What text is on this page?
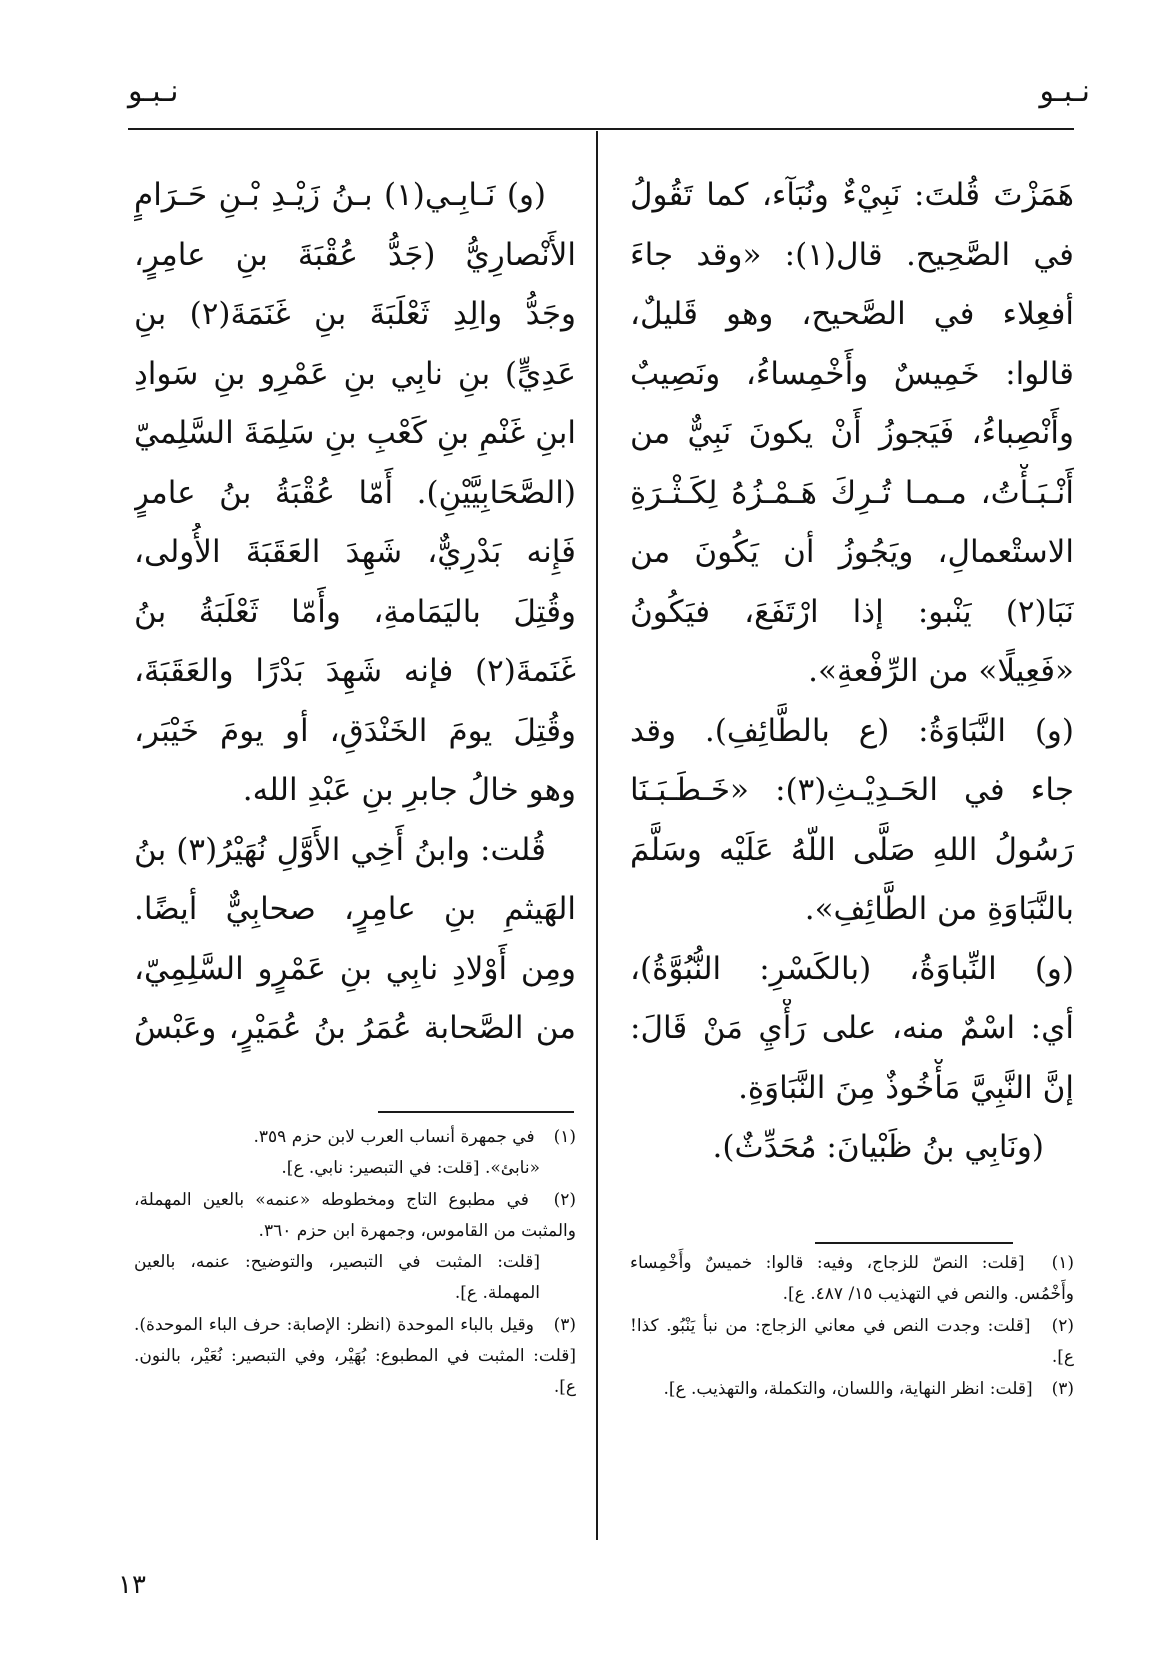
نـبـو
نـبـو
هَمَزْتَ قُلتَ: نَبِيْءٌ ونُبَآء، كما تَقُولُ
في الصَّحِيح. قال(١): «وقد جاءَ
أفعِلاء في الصَّحيح، وهو قَليلٌ،
قالوا: خَمِيسٌ وأَخْمِساءُ، ونَصِيبٌ
وأَنْصِباءُ، فَيَجوزُ أَنْ يكونَ نَبِيٌّ من
أَنْـبَـأْتُ، مـمـا تُـرِكَ هَـمْـزُهُ لِكَـثْـرَةِ
الاستْعمالِ، ويَجُوزُ أن يَكُونَ من
نَبَا(٢) يَنْبو: إذا ارْتَفَعَ، فيَكُونُ
«فَعِيلًا» من الرِّفْعةِ».
(و) النَّبَاوَةُ: (ع بالطَّائِفِ). وقد
جاء في الحَـدِيْـثِ(٣): «خَـطَـبَـنَا
رَسُولُ اللهِ صَلَّى اللّهُ عَلَيْه وسَلَّمَ
بالنَّبَاوَةِ من الطَّائِفِ».
(و) النِّباوَةُ، (بالكَسْرِ: النُّبُوَّةُ)،
أي: اسْمٌ منه، على رَأْيِ مَنْ قَالَ:
إنَّ النَّبِيَّ مَأْخُوذٌ مِنَ النَّبَاوَةِ.
(ونَابِي بنُ ظَبْيانَ: مُحَدِّثٌ).
(١) [قلت: النصّ للزجاج، وفيه: قالوا: خميسٌ وأَخْمِساء وأَخْمُس. والنص في التهذيب ١٥/ ٤٨٧. ع].
(٢) [قلت: وجدت النص في معاني الزجاج: من نبأ يَنْبُو. كذا! ع].
(٣) [قلت: انظر النهاية، واللسان، والتكملة، والتهذيب. ع].
(و) نَـابِـي(١) بـنُ زَيْـدِ بْـنِ حَـرَامٍ
الأَنْصارِيُّ (جَدُّ عُقْبَةَ بنِ عامِرٍ،
وجَدُّ والِدِ ثَعْلَبَةَ بنِ غَنَمَةَ(٢) بنِ
عَدِيٍّ) بنِ نابِي بنِ عَمْرِو بنِ سَوادِ
ابنِ غَنْمِ بنِ كَعْبِ بنِ سَلِمَةَ السَّلِميّ
(الصَّحَابِيَّيْنِ). أَمّا عُقْبَةُ بنُ عامرٍ
فَإِنه بَدْرِيٌّ، شَهِدَ العَقَبَةَ الأُولى،
وقُتِلَ باليَمَامةِ، وأَمّا ثَعْلَبَةُ بنُ
غَنَمةَ(٢) فإنه شَهِدَ بَدْرًا والعَقَبَةَ،
وقُتِلَ يومَ الخَنْدَقِ، أو يومَ خَيْبَر،
وهو خالُ جابرِ بنِ عَبْدِ الله.
قُلت: وابنُ أَخِي الأَوَّلِ نُهَيْرُ(٣) بنُ
الهَيثمِ بنِ عامِرٍ، صحابِيٌّ أيضًا.
ومِن أَوْلادِ نابِي بنِ عَمْرٍو السَّلِمِيّ،
من الصَّحابة عُمَرُ بنُ عُمَيْرٍ، وعَبْسُ
(١) في جمهرة أنساب العرب لابن حزم ٣٥٩.
«نابئ». [قلت: في التبصير: نابي. ع].
(٢) في مطبوع التاج ومخطوطه «عنمه» بالعين المهملة، والمثبت من القاموس، وجمهرة ابن حزم ٣٦٠.
[قلت: المثبت في التبصير، والتوضيح: عنمه، بالعين المهملة. ع].
(٣) وقيل بالباء الموحدة (انظر: الإصابة: حرف الباء الموحدة). [قلت: المثبت في المطبوع: بُهَيْر، وفي التبصير: نُعَيْر، بالنون. ع].
١٣
